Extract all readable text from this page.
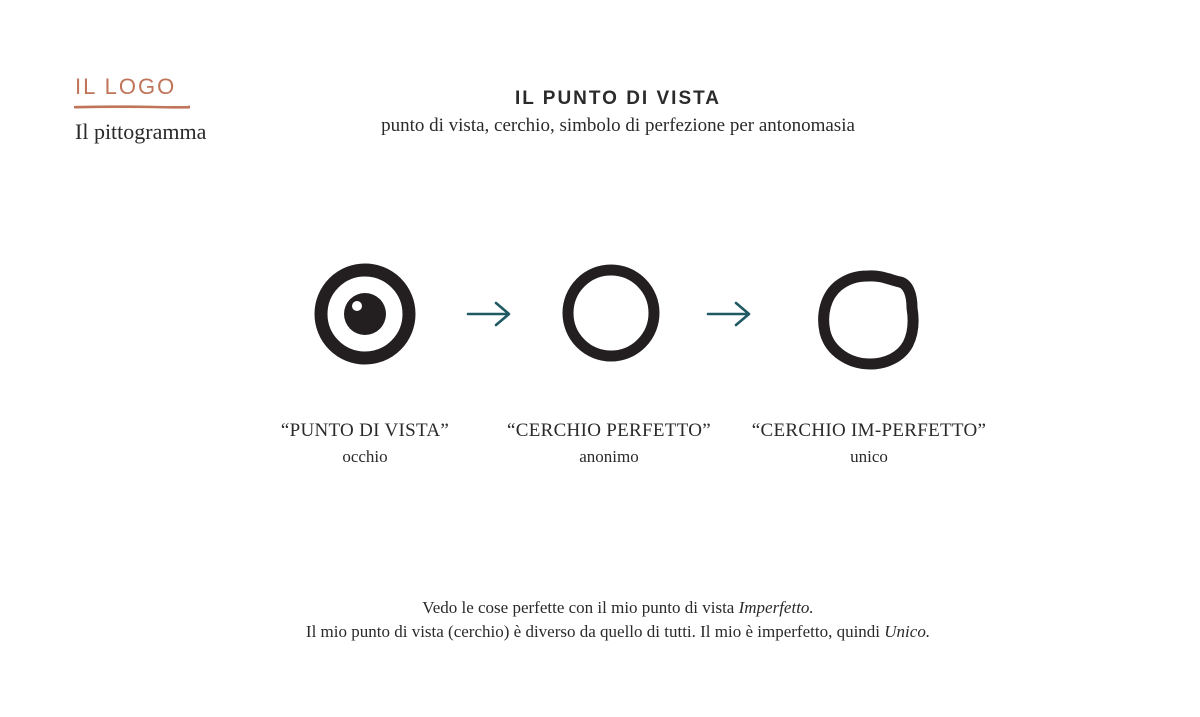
IL LOGO
Il pittogramma
IL PUNTO DI VISTA
punto di vista, cerchio, simbolo di perfezione per antonomasia
“PUNTO DI VISTA”
occhio
“CERCHIO PERFETTO”
anonimo
“CERCHIO IM-PERFETTO”
unico
Vedo le cose perfette con il mio punto di vista Imperfetto.
Il mio punto di vista (cerchio) è diverso da quello di tutti. Il mio è imperfetto, quindi Unico.
